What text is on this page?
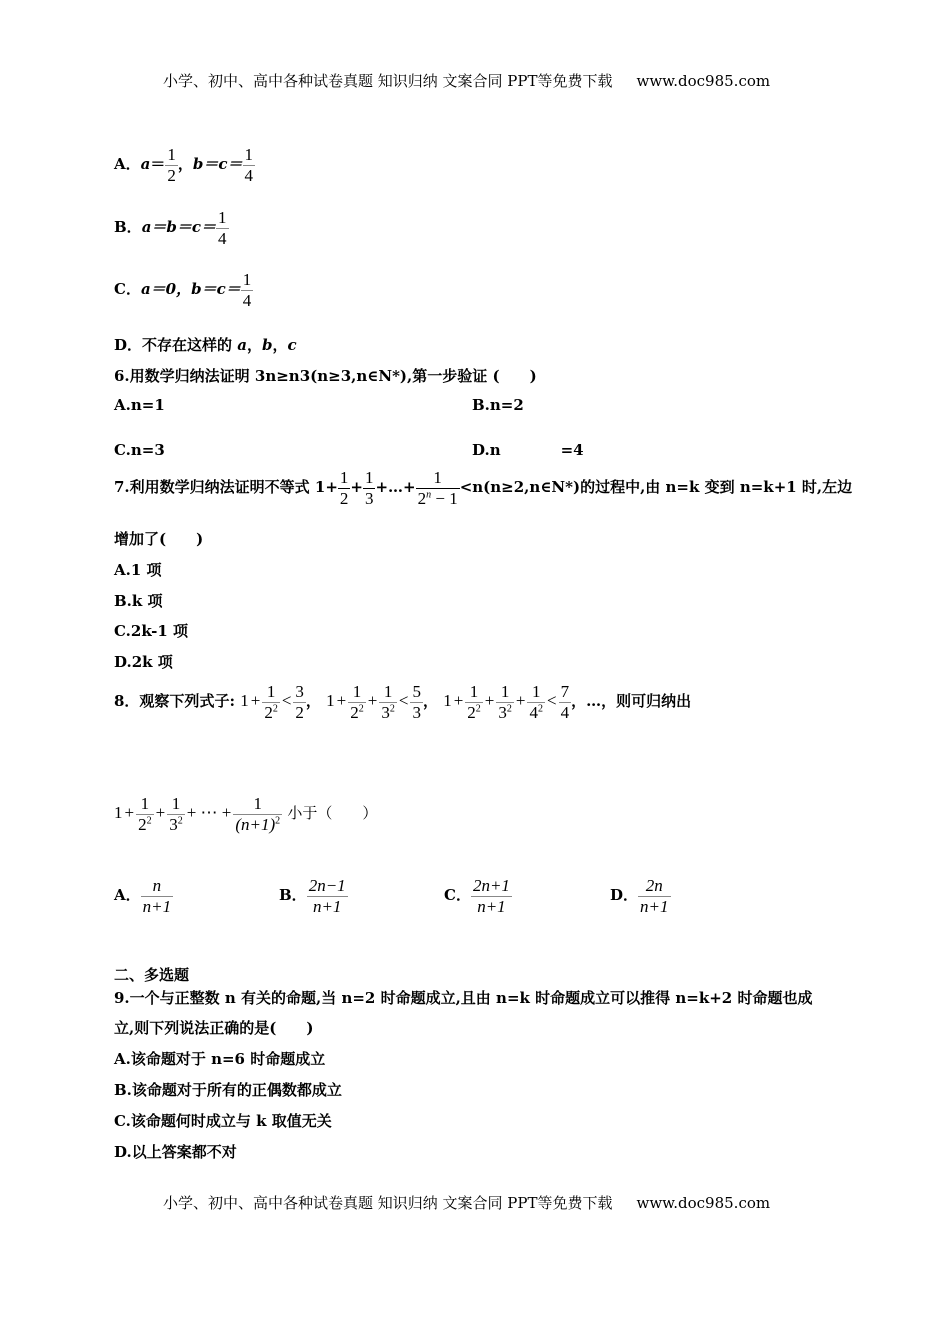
小学、初中、高中各种试卷真题 知识归纳 文案合同 PPT等免费下载 www.doc985.com
A．$a= \frac{1}{2}$ ，$b=c= \frac{1}{4}$
B．$a=b=c= \frac{1}{4}$
C．a＝0，$b=c= \frac{1}{4}$
D．不存在这样的 a，b，c
6.用数学归纳法证明 3n≥n3(n≥3,n∈N*),第一步验证 (　　)
A.n=1	B.n=2
C.n=3	D.n	=4
7.利用数学归纳法证明不等式 $1+ \frac{1}{2} + \frac{1}{3}$ +…+ $\frac{1}{2^n - 1}$ <n(n≥2,n∈N*)的过程中,由 n=k 变到 n=k+1 时,左边
增加了(　　)
A.1 项
B.k 项
C.2k-1 项
D.2k 项
8．观察下列式子: $1 + \frac{1}{2^2} < \frac{3}{2}$ ， $1 + \frac{1}{2^2} + \frac{1}{3^2} < \frac{5}{3}$ ， $1 + \frac{1}{2^2} + \frac{1}{3^2} + \frac{1}{4^2} < \frac{7}{4}$ ，…，则可归纳出
$1 + \frac{1}{2^2} + \frac{1}{3^2}$ + ⋯ + $\frac{1}{(n+1)^2}$ 小于（　　）
A． $\frac{n}{n+1}$	B． $\frac{2n-1}{n+1}$	C． $\frac{2n+1}{n+1}$	D． $\frac{2n}{n+1}$
二、多选题
9.一个与正整数 n 有关的命题,当 n=2 时命题成立,且由 n=k 时命题成立可以推得 n=k+2 时命题也成
立,则下列说法正确的是(　　)
A.该命题对于 n=6 时命题成立
B.该命题对于所有的正偶数都成立
C.该命题何时成立与 k 取值无关
D.以上答案都不对
小学、初中、高中各种试卷真题 知识归纳 文案合同 PPT等免费下载 www.doc985.com
